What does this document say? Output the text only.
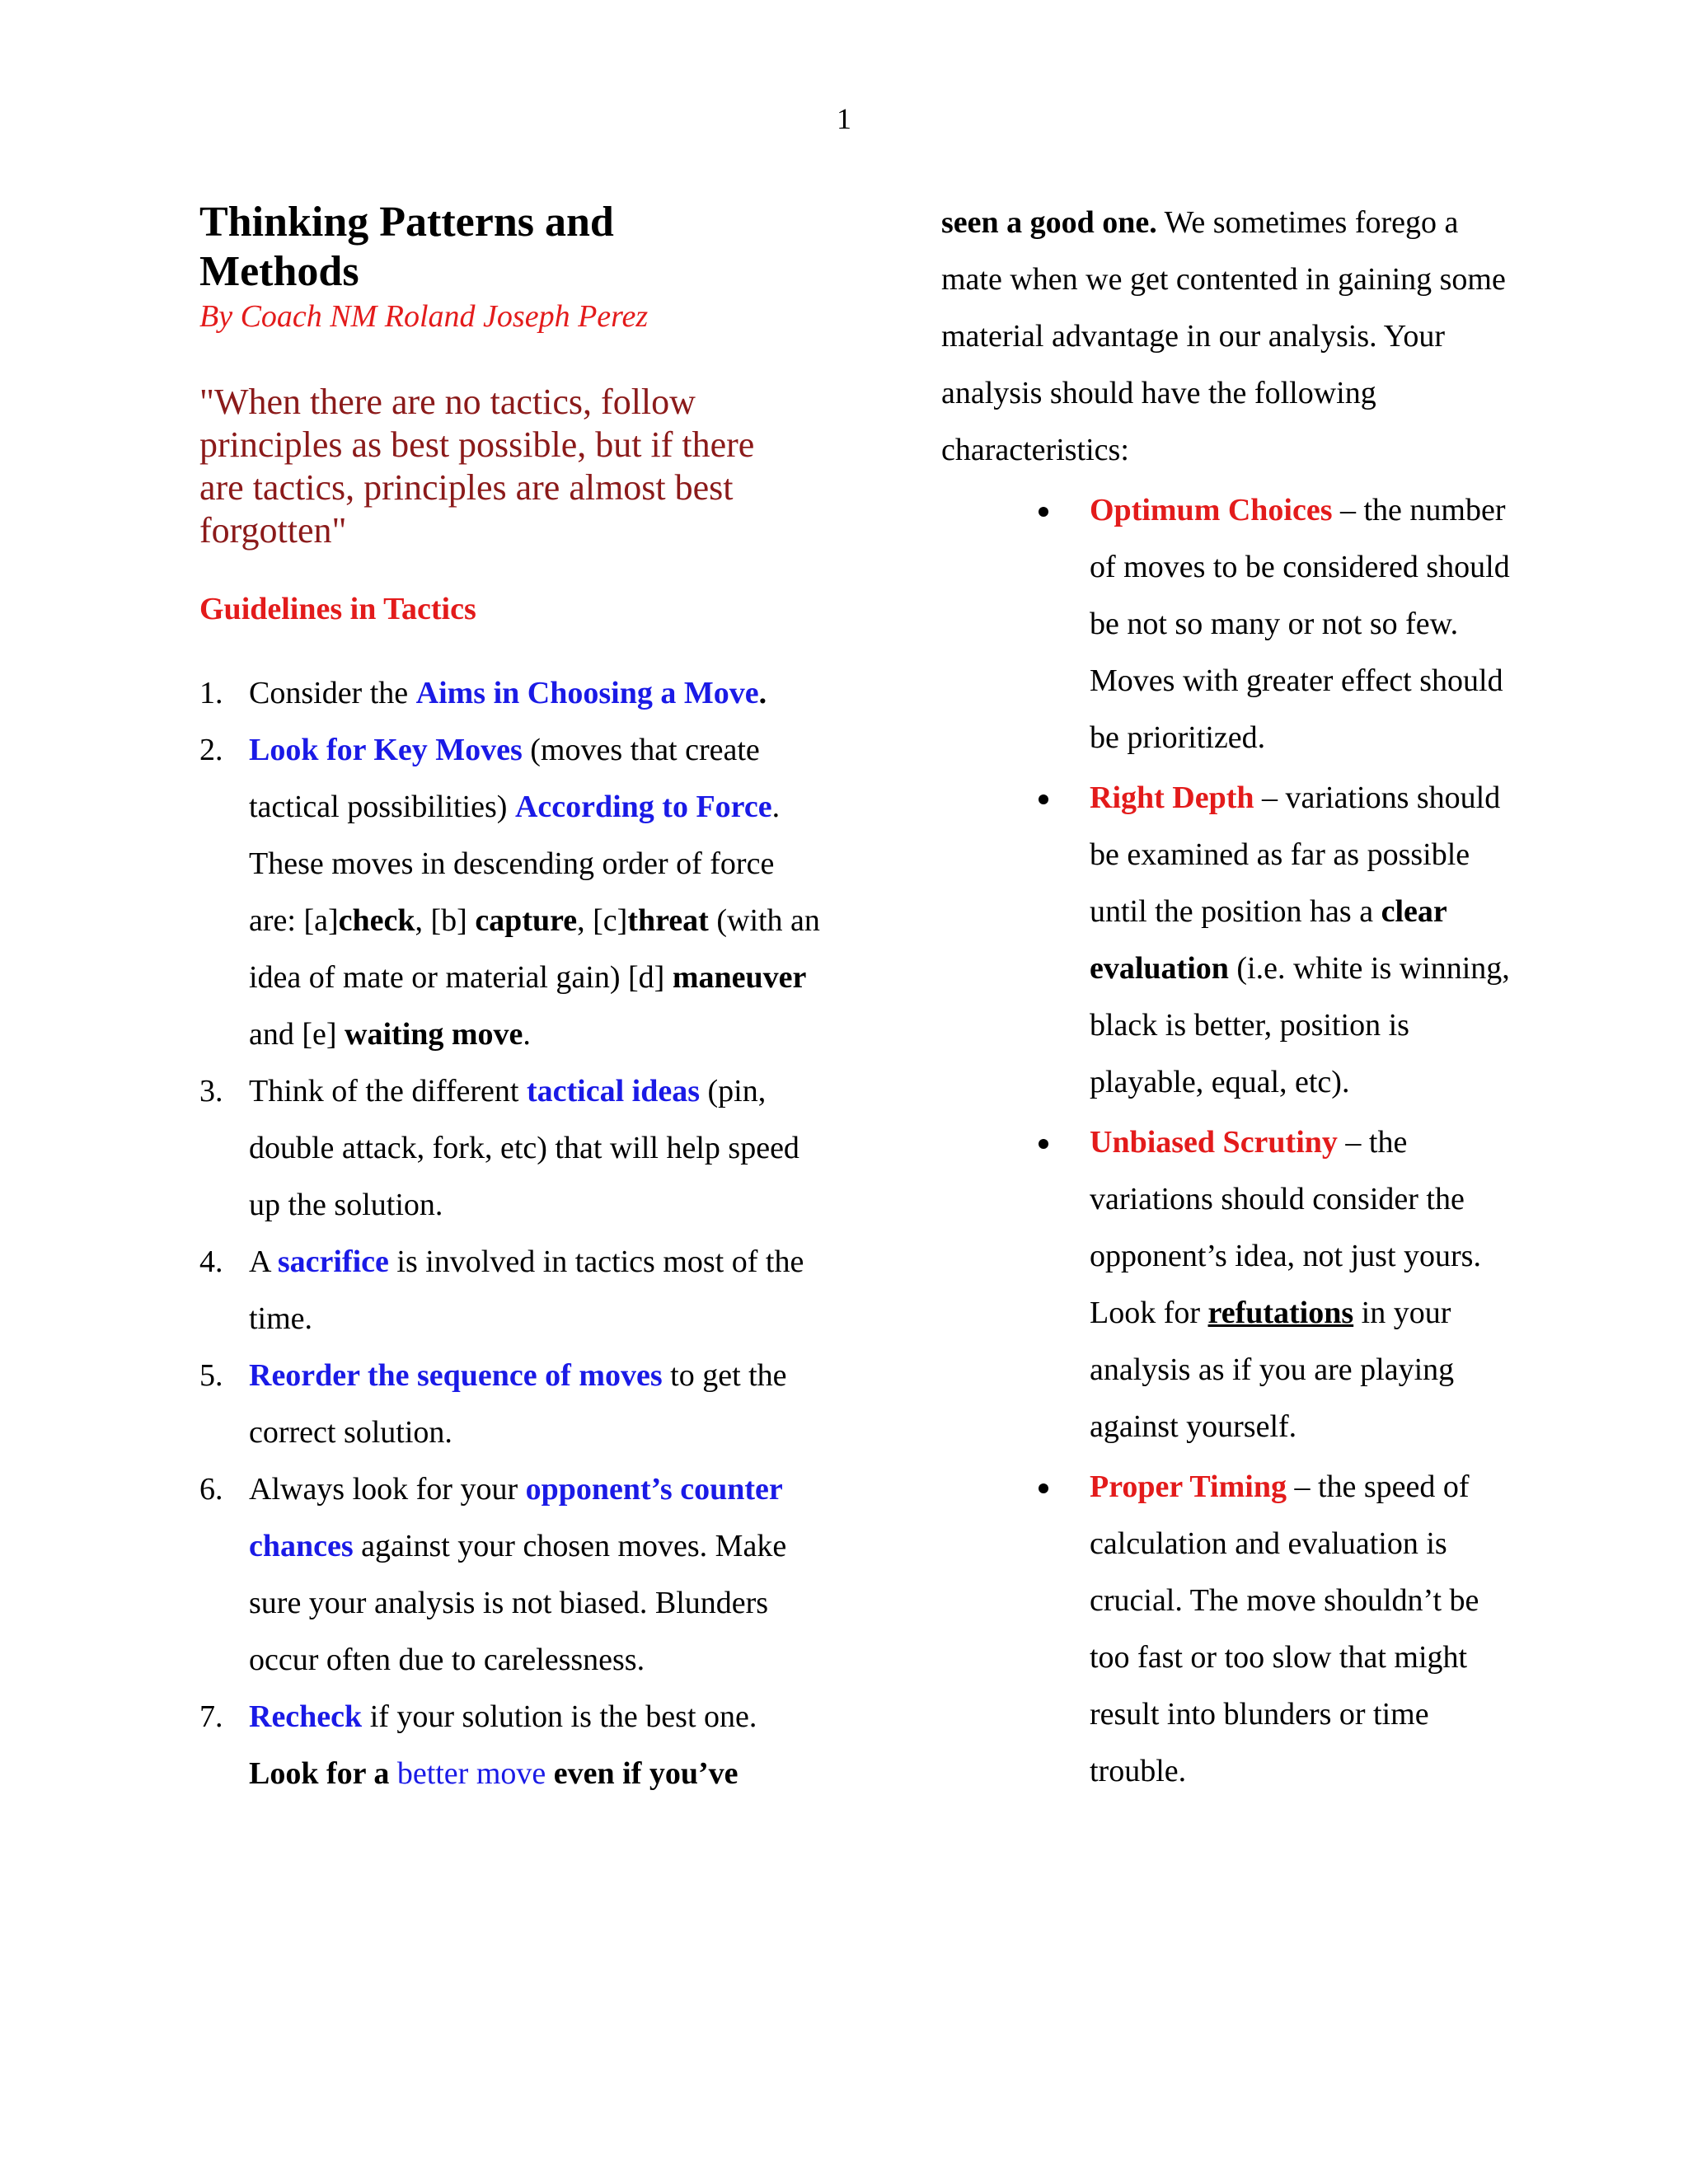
1
Thinking Patterns and
Methods

By Coach NM Roland Joseph Perez

"When there are no tactics, follow principles as best possible, but if there are tactics, principles are almost best forgotten"
Guidelines in Tactics
1. Consider the Aims in Choosing a Move.
2. Look for Key Moves (moves that create tactical possibilities) According to Force. These moves in descending order of force are: [a]check, [b] capture, [c]threat (with an idea of mate or material gain) [d] maneuver and [e] waiting move.
3. Think of the different tactical ideas (pin, double attack, fork, etc) that will help speed up the solution.
4. A sacrifice is involved in tactics most of the time.
5. Reorder the sequence of moves to get the correct solution.
6. Always look for your opponent’s counter chances against your chosen moves. Make sure your analysis is not biased. Blunders occur often due to carelessness.
7. Recheck if your solution is the best one. Look for a better move even if you’ve

seen a good one. We sometimes forego a mate when we get contented in gaining some material advantage in our analysis. Your analysis should have the following characteristics:

Optimum Choices – the number of moves to be considered should be not so many or not so few. Moves with greater effect should be prioritized.
Right Depth – variations should be examined as far as possible until the position has a clear evaluation (i.e. white is winning, black is better, position is playable, equal, etc).
Unbiased Scrutiny – the variations should consider the opponent’s idea, not just yours. Look for refutations in your analysis as if you are playing against yourself.
Proper Timing – the speed of calculation and evaluation is crucial. The move shouldn’t be too fast or too slow that might result into blunders or time trouble.
